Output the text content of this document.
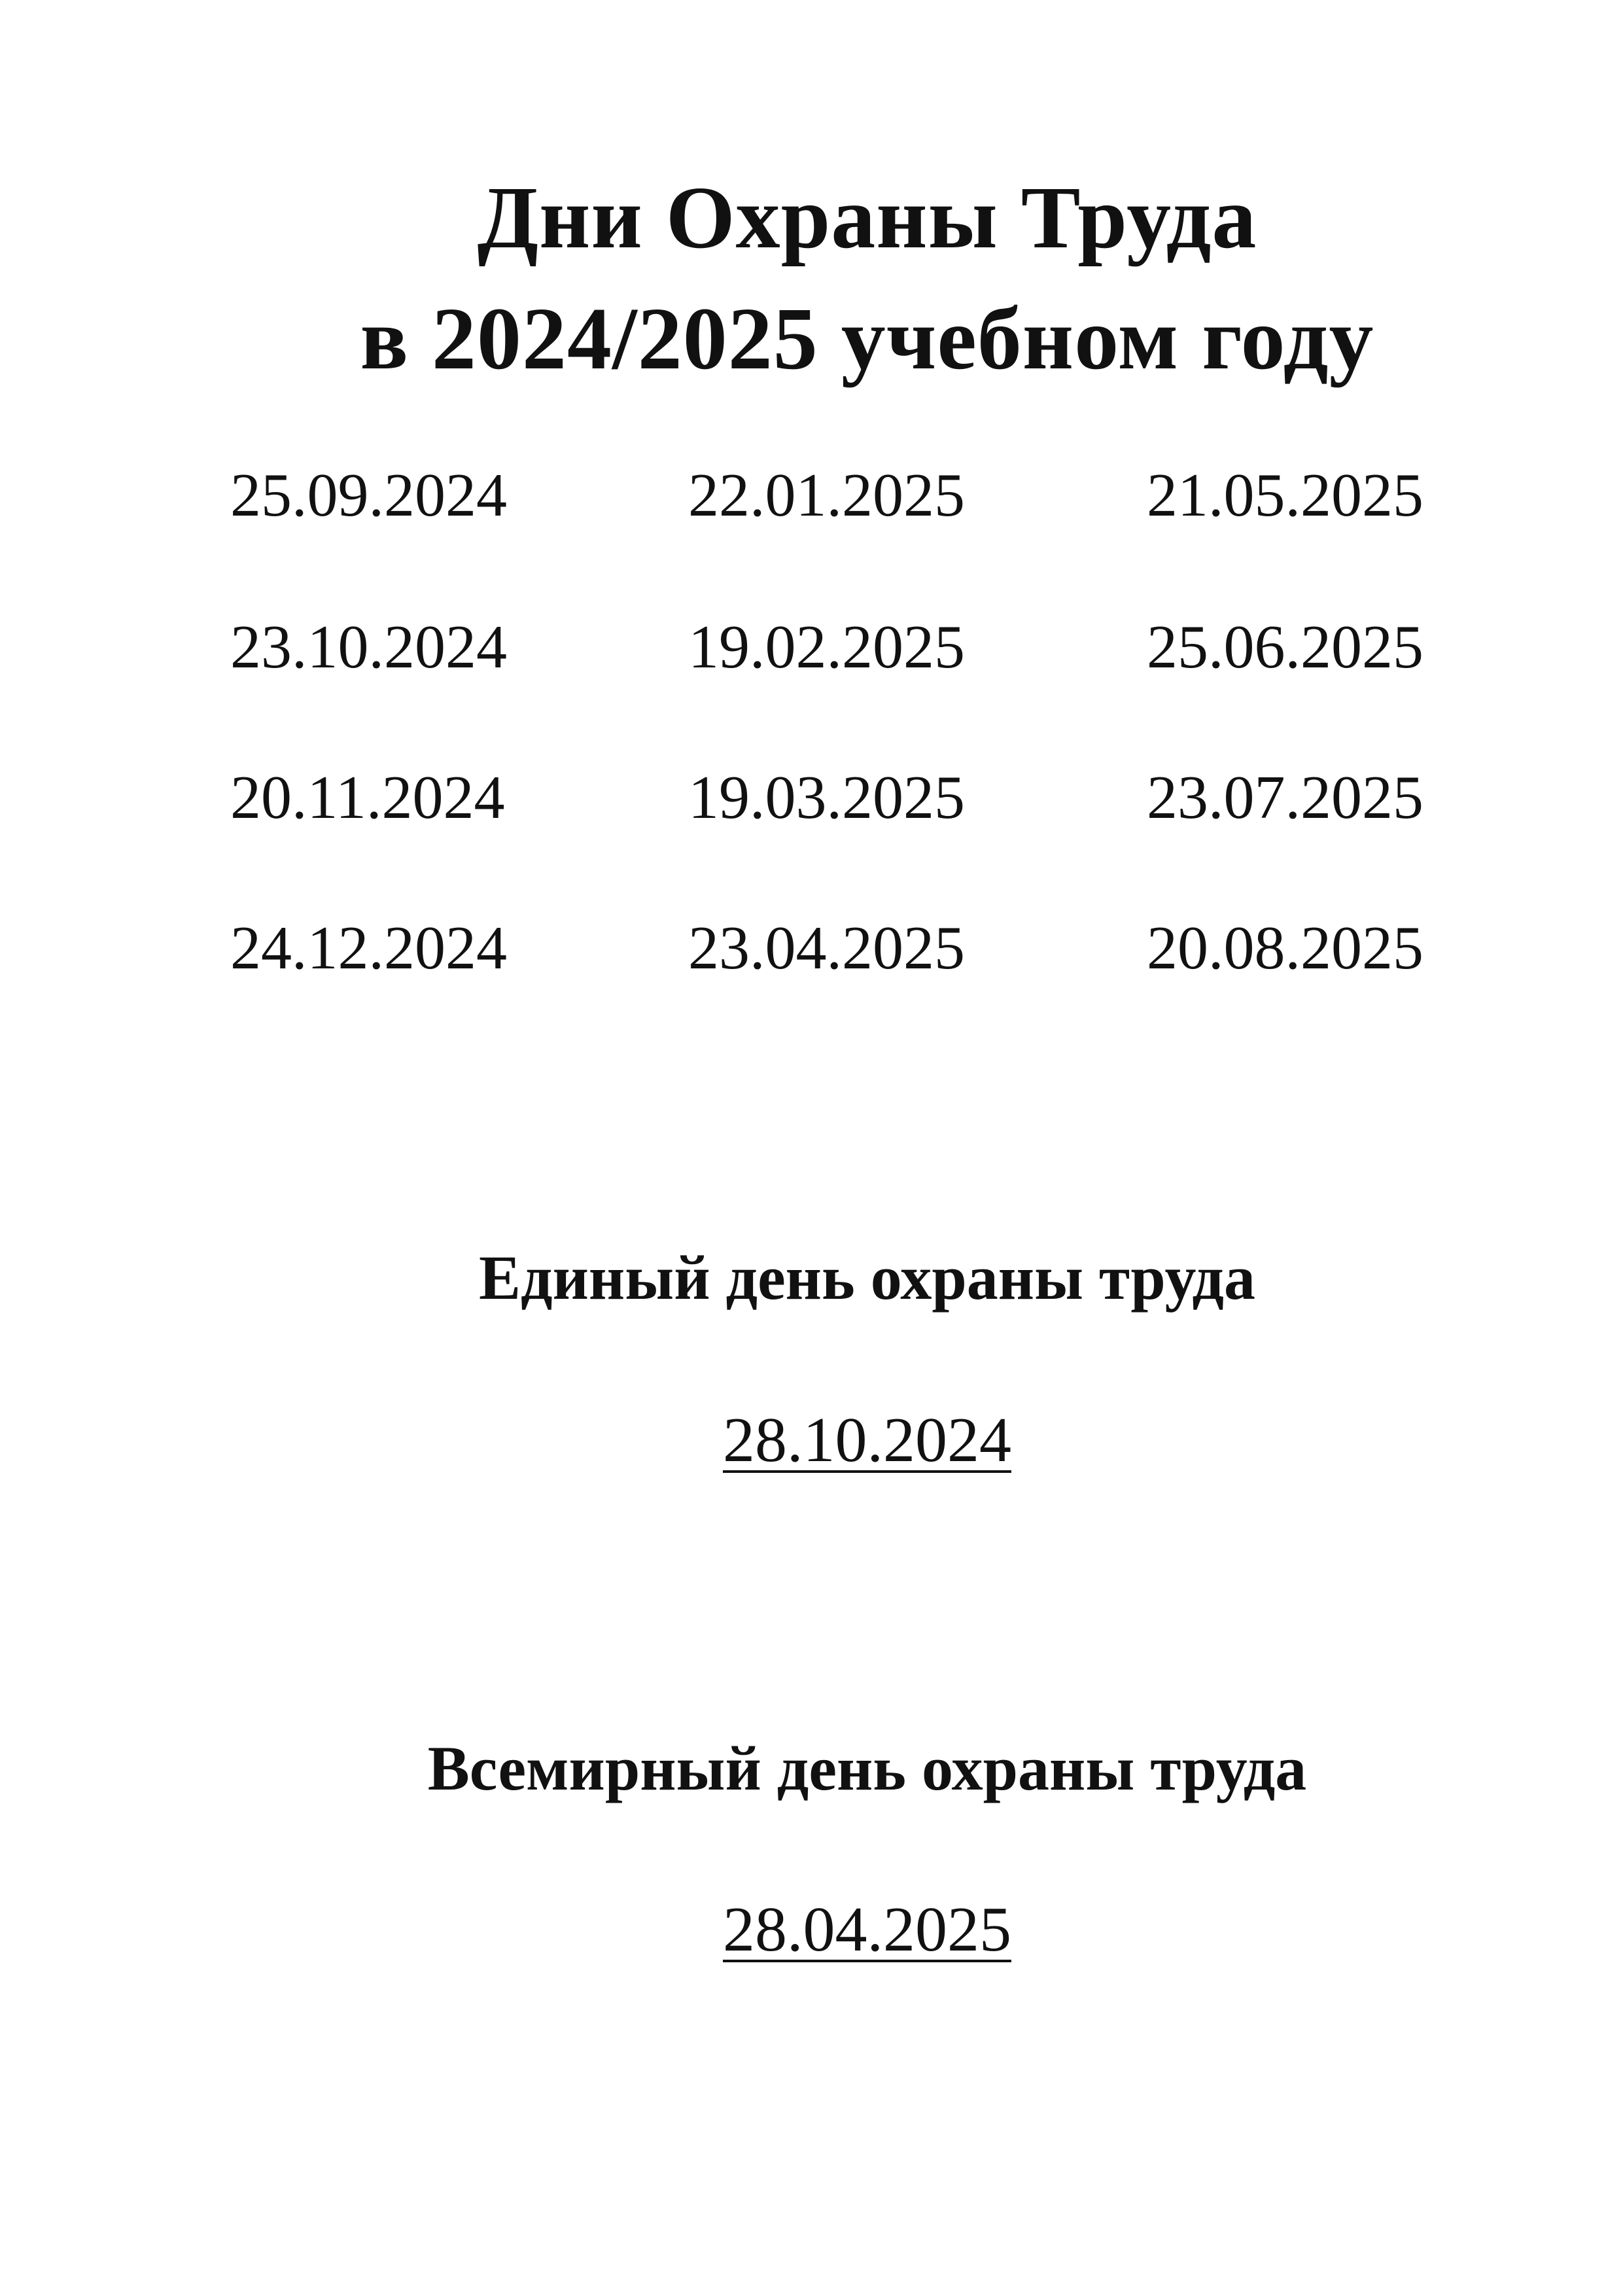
Дни Охраны Труда
в 2024/2025 учебном году
25.09.2024
23.10.2024
20.11.2024
24.12.2024
22.01.2025
19.02.2025
19.03.2025
23.04.2025
21.05.2025
25.06.2025
23.07.2025
20.08.2025
Единый день охраны труда
28.10.2024
Всемирный день охраны труда
28.04.2025
